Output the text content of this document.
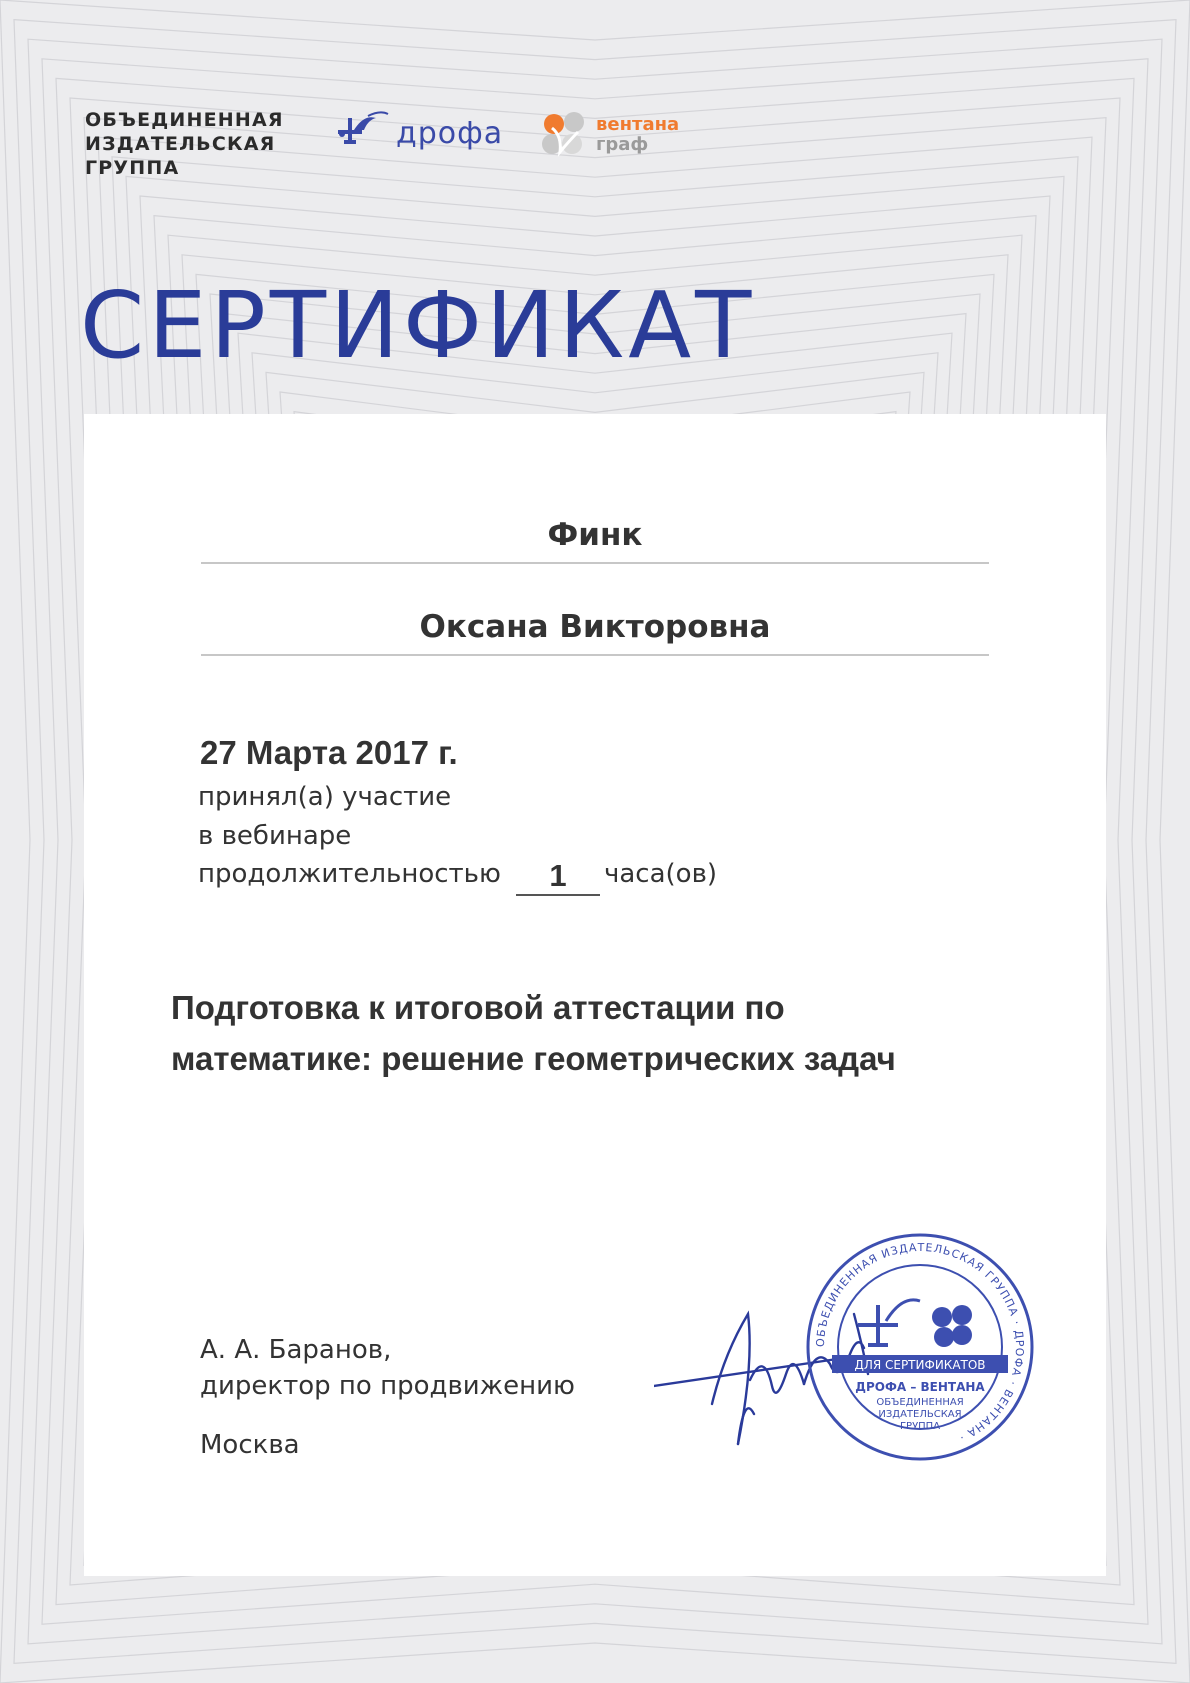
ОБЪЕДИНЕННАЯ
ИЗДАТЕЛЬСКАЯ
ГРУППА
дрофа	вентана
граф
СЕРТИФИКАТ
Финк
Оксана Викторовна
27 Марта 2017 г.
принял(а) участие
в вебинаре
продолжительностью	1	часа(ов)
Подготовка к итоговой аттестации по
математике: решение геометрических задач
А. А. Баранов,
директор по продвижению
Москва
ОБЪЕДИНЕННАЯ ИЗДАТЕЛЬСКАЯ ГРУППА · ДРОФА · ВЕНТАНА ·
ДЛЯ СЕРТИФИКАТОВ
ДРОФА – ВЕНТАНА
ОБЪЕДИНЕННАЯ
ИЗДАТЕЛЬСКАЯ
ГРУППА
